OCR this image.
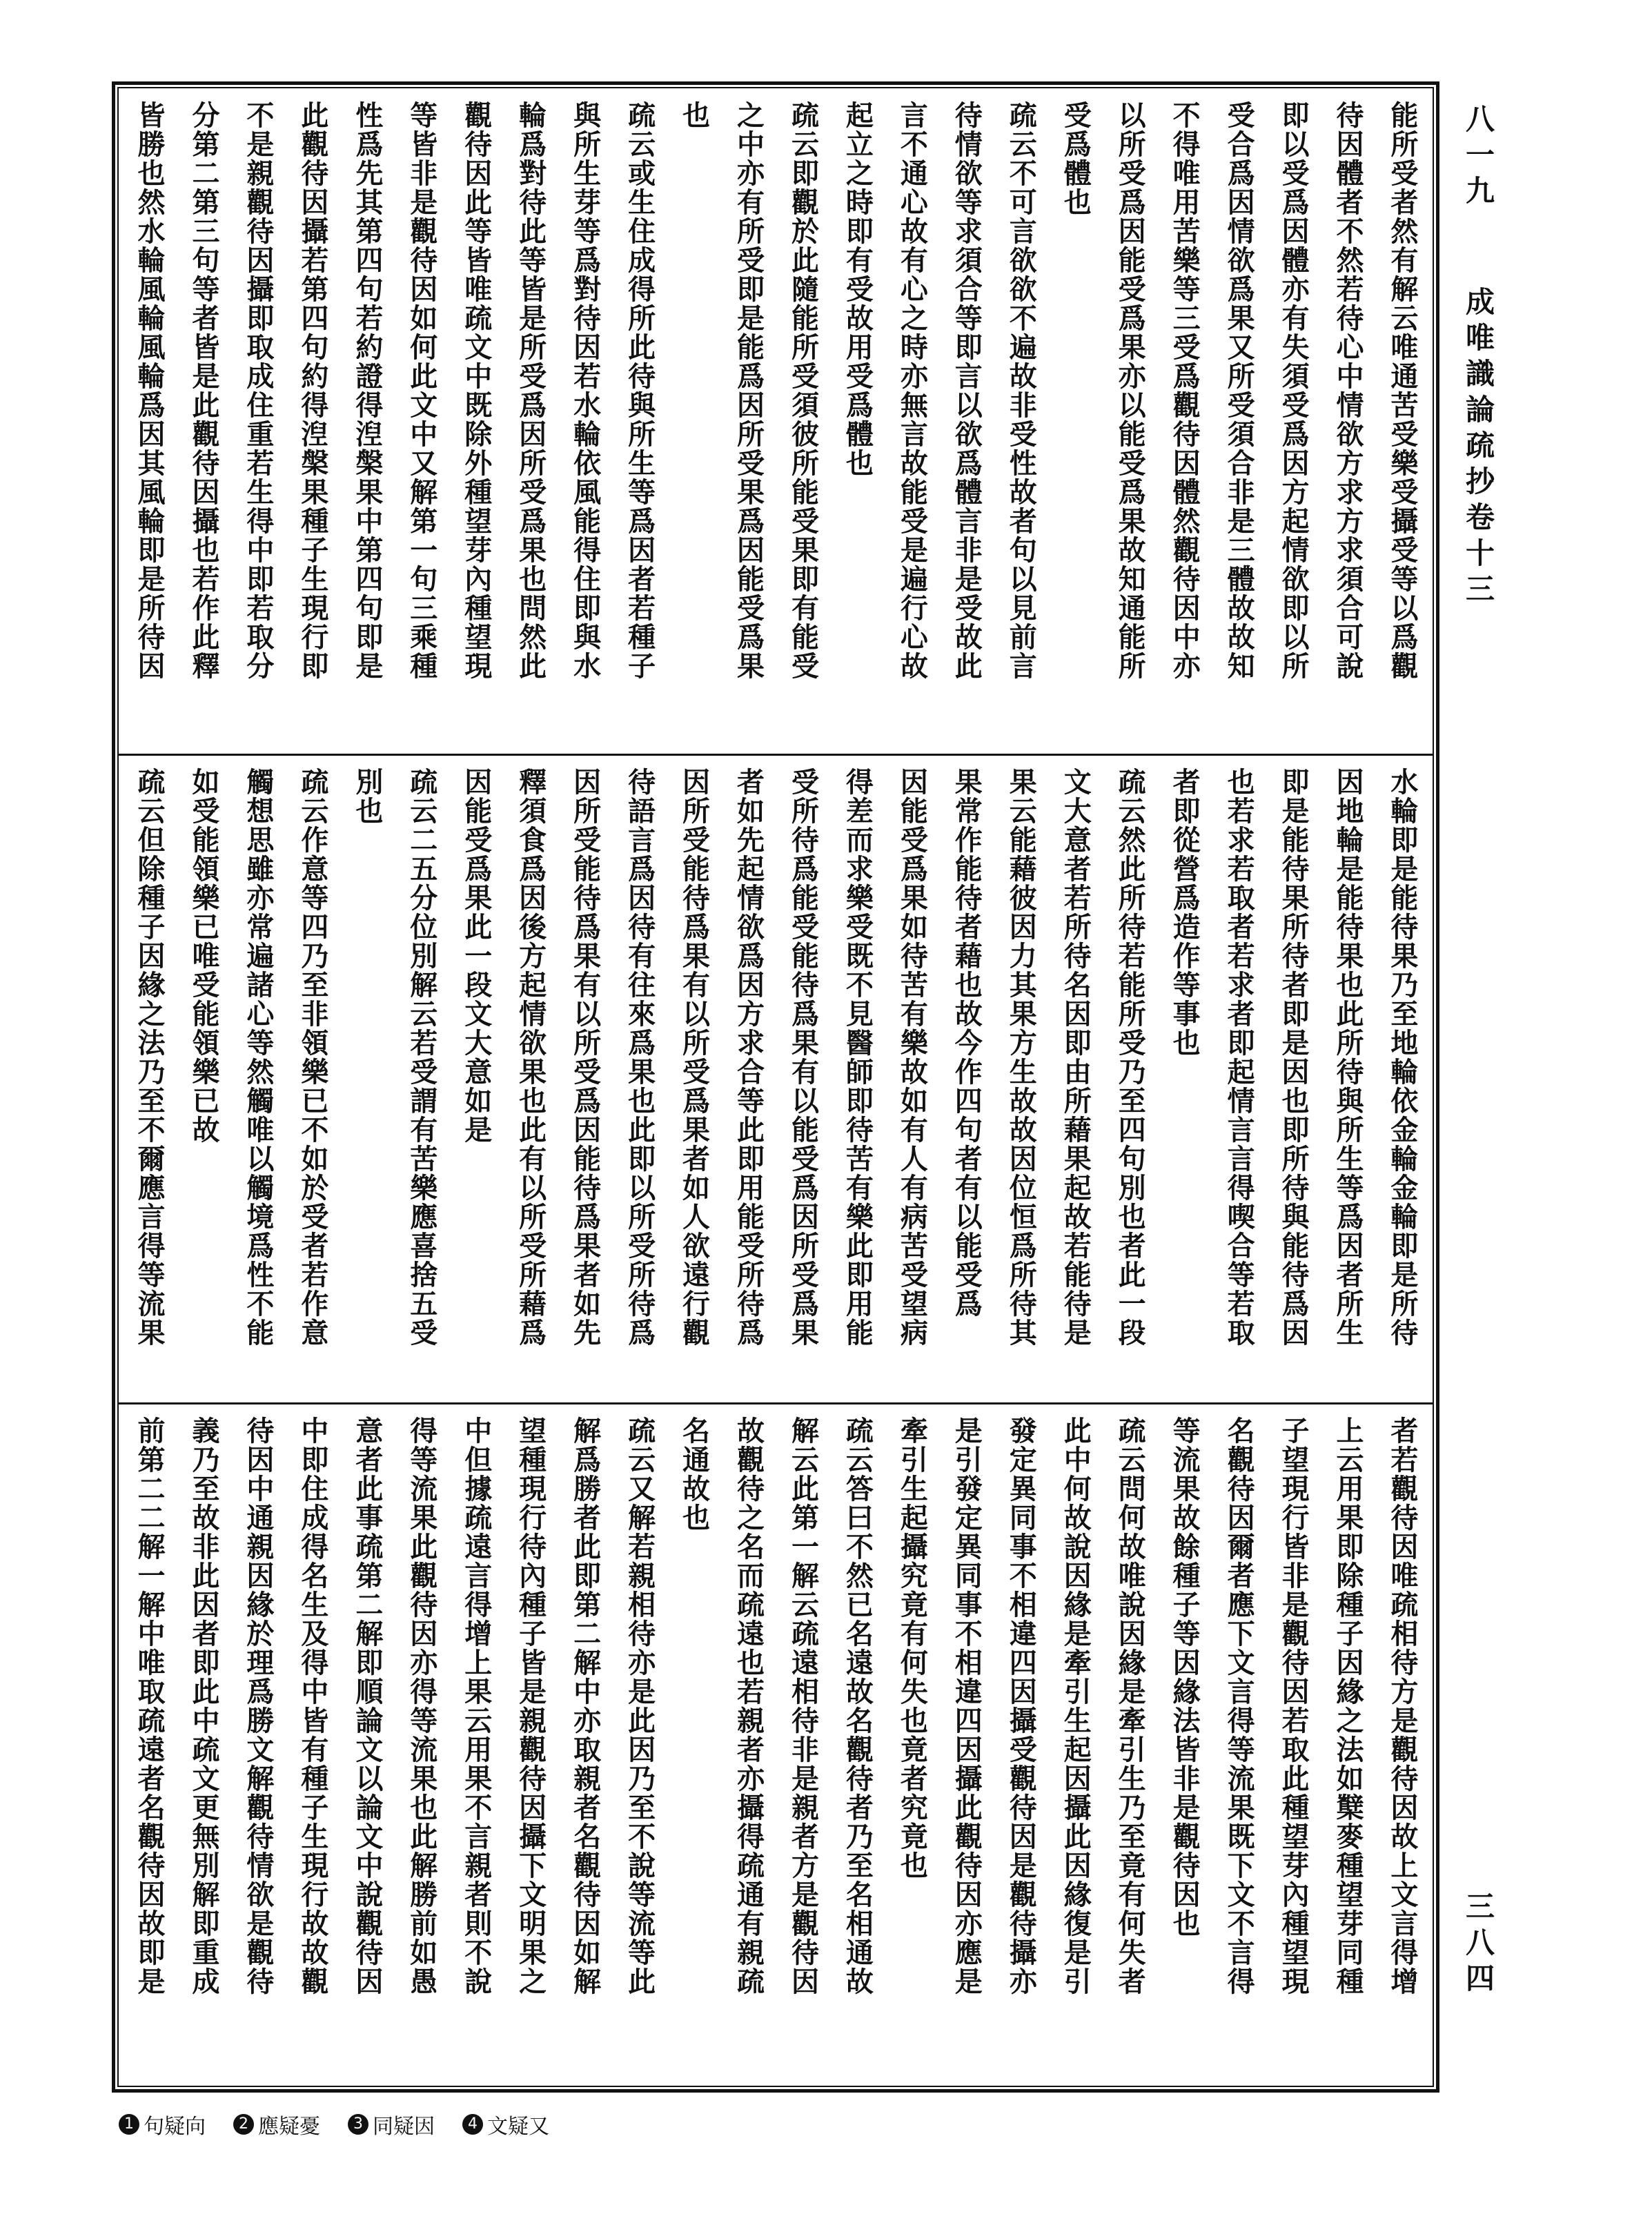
八一九  成唯識論疏抄卷十三
三八四
能所受者然有解云唯通苦受樂受攝受等以爲觀
待因體者不然若待心中情欲方求方求須合可說
即以受爲因體亦有失須受爲因方起情欲即以所
受合爲因情欲爲果又所受須合非是三體故故知
不得唯用苦樂等三受爲觀待因體然觀待因中亦
以所受爲因能受爲果亦以能受爲果故知通能所
受爲體也
疏云不可言欲欲不遍故非受性故者句以見前言
待情欲等求須合等即言以欲爲體言非是受故此
言不通心故有心之時亦無言故能受是遍行心故
起立之時即有受故用受爲體也
疏云即觀於此隨能所受須彼所能受果即有能受
之中亦有所受即是能爲因所受果爲因能受爲果
也
疏云或生住成得所此待與所生等爲因者若種子
與所生芽等爲對待因若水輪依風能得住即與水
輪爲對待此等皆是所受爲因所受爲果也問然此
觀待因此等皆唯疏文中既除外種望芽內種望現
等皆非是觀待因如何此文中又解第一句三乘種
性爲先其第四句若約證得湼槃果中第四句即是
此觀待因攝若第四句約得湼槃果種子生現行即
不是親觀待因攝即取成住重若生得中即若取分
分第二第三句等者皆是此觀待因攝也若作此釋
皆勝也然水輪風輪風輪爲因其風輪即是所待因
水輪即是能待果乃至地輪依金輪金輪即是所待
因地輪是能待果也此所待與所生等爲因者所生
即是能待果所待者即是因也即所待與能待爲因
也若求若取者若求者即起情言言得喫合等若取
者即從營爲造作等事也
疏云然此所待若能所受乃至四句別也者此一段
文大意者若所待名因即由所藉果起故若能待是
果云能藉彼因力其果方生故故因位恒爲所待其
果常作能待者藉也故今作四句者有以能受爲
因能受爲果如待苦有樂故如有人有病苦受望病
得差而求樂受既不見醫師即待苦有樂此即用能
受所待爲能受能待爲果有以能受爲因所受爲果
者如先起情欲爲因方求合等此即用能受所待爲
因所受能待爲果有以所受爲果者如人欲遠行觀
待語言爲因待有往來爲果也此即以所受所待爲
因所受能待爲果有以所受爲因能待爲果者如先
釋須食爲因後方起情欲果也此有以所受所藉爲
因能受爲果此一段文大意如是
疏云二五分位別解云若受謂有苦樂應喜捨五受
別也
疏云作意等四乃至非領樂已不如於受者若作意
觸想思雖亦常遍諸心等然觸唯以觸境爲性不能
如受能領樂已唯受能領樂已故
疏云但除種子因緣之法乃至不爾應言得等流果
者若觀待因唯疏相待方是觀待因故上文言得增
上云用果即除種子因緣之法如櫱麥種望芽同種
子望現行皆非是觀待因若取此種望芽內種望現
名觀待因爾者應下文言得等流果既下文不言得
等流果故餘種子等因緣法皆非是觀待因也
疏云問何故唯說因緣是牽引生乃至竟有何失者
此中何故說因緣是牽引生起因攝此因緣復是引
發定異同事不相違四因攝受觀待因是觀待攝亦
是引發定異同事不相違四因攝此觀待因亦應是
牽引生起攝究竟有何失也竟者究竟也
疏云答曰不然已名遠故名觀待者乃至名相通故
解云此第一解云疏遠相待非是親者方是觀待因
故觀待之名而疏遠也若親者亦攝得疏通有親疏
名通故也
疏云又解若親相待亦是此因乃至不說等流等此
解爲勝者此即第二解中亦取親者名觀待因如解
望種現行待內種子皆是親觀待因攝下文明果之
中但據疏遠言得增上果云用果不言親者則不說
得等流果此觀待因亦得等流果也此解勝前如愚
意者此事疏第二解即順論文以論文中說觀待因
中即住成得名生及得中皆有種子生現行故故觀
待因中通親因緣於理爲勝文解觀待情欲是觀待
義乃至故非此因者即此中疏文更無別解即重成
前第二二解一解中唯取疏遠者名觀待因故即是
1 句疑向	2 應疑憂	3 同疑因	4 文疑又
